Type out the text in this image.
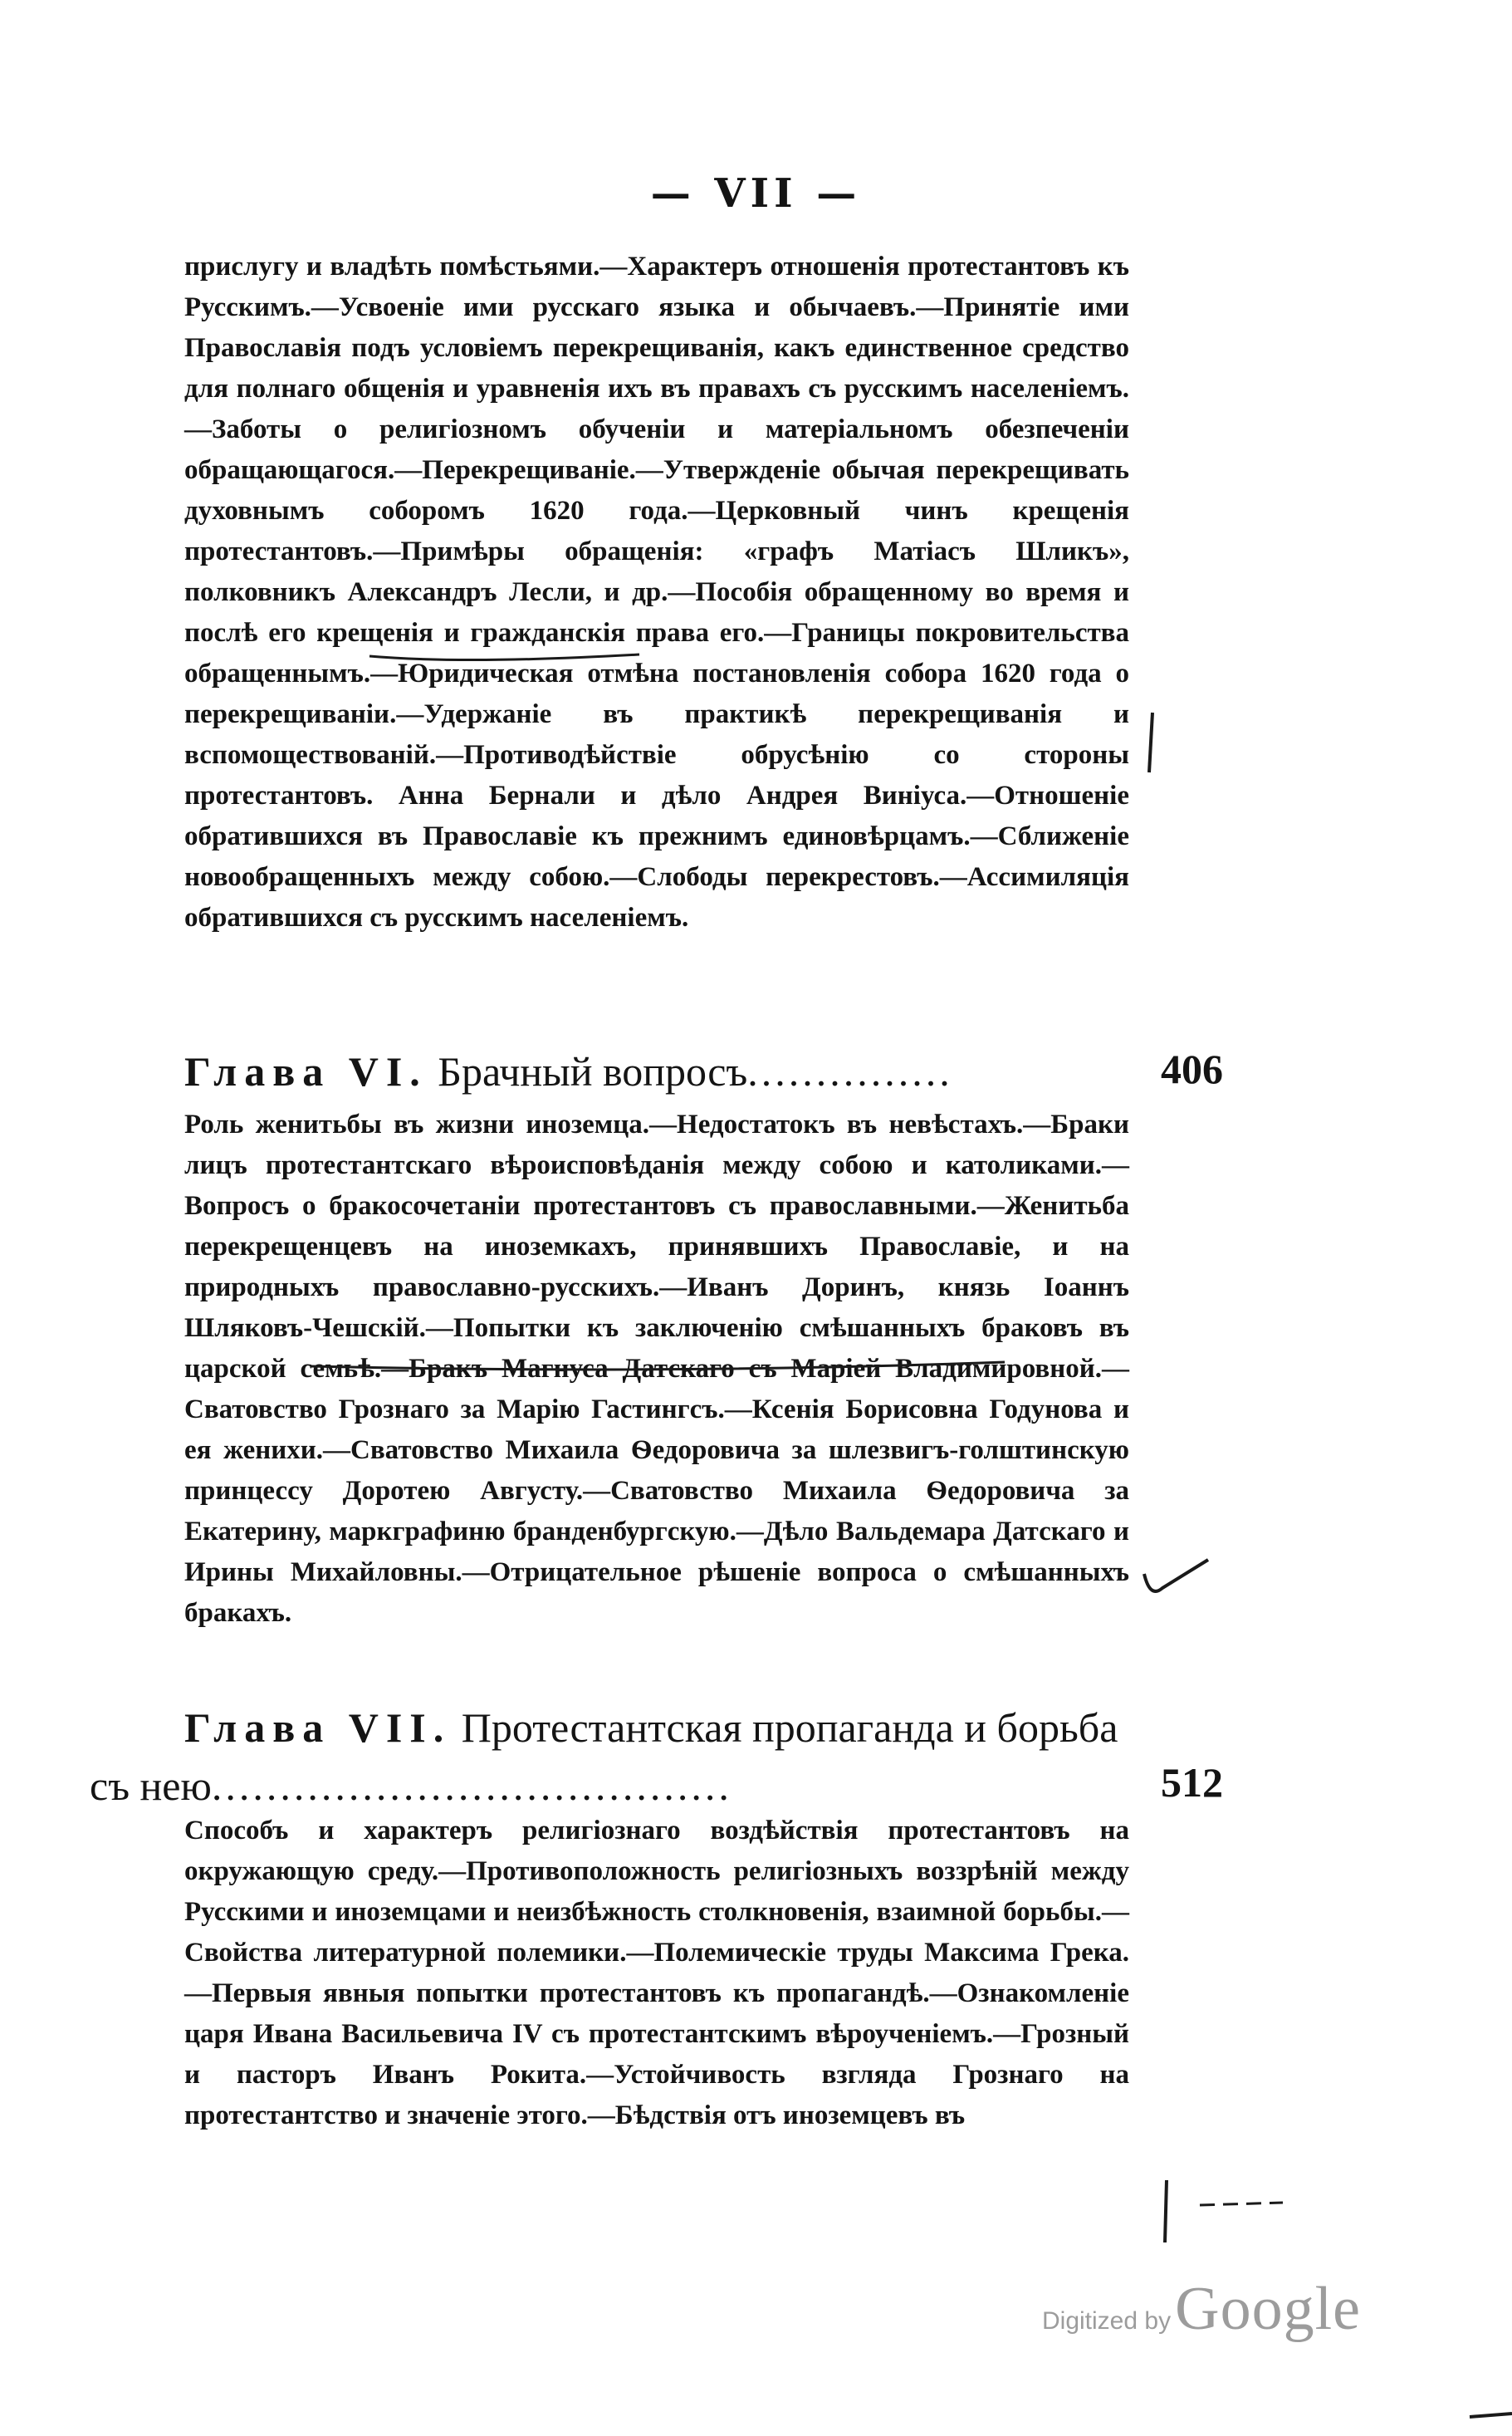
— VII —

прислугу и владѣть помѣстьями.—Характеръ отношенія протестантовъ къ Русскимъ.—Усвоеніе ими русскаго языка и обычаевъ.—Принятіе ими Православія подъ условіемъ перекрещиванія, какъ единственное средство для полнаго общенія и уравненія ихъ въ правахъ съ русскимъ населеніемъ.—Заботы о религіозномъ обученіи и матеріальномъ обезпеченіи обращающагося.—Перекрещиваніе.—Утвержденіе обычая перекрещивать духовнымъ соборомъ 1620 года.—Церковный чинъ крещенія протестантовъ.—Примѣры обращенія: «графъ Матіасъ Шликъ», полковникъ Александръ Лесли, и др.—Пособія обращенному во время и послѣ его крещенія и гражданскія права его.—Границы покровительства обращеннымъ.—Юридическая отмѣна постановленія собора 1620 года о перекрещиваніи.—Удержаніе въ практикѣ перекрещиванія и вспомоществованій.—Противодѣйствіе обрусѣнію со стороны протестантовъ. Анна Бернали и дѣло Андрея Виніуса.—Отношеніе обратившихся въ Православіе къ прежнимъ единовѣрцамъ.—Сближеніе новообращенныхъ между собою.—Слободы перекрестовъ.—Ассимиляція обратившихся съ русскимъ населеніемъ.

Глава VI. Брачный вопросъ...............	406

Роль женитьбы въ жизни иноземца.—Недостатокъ въ невѣстахъ.—Браки лицъ протестантскаго вѣроисповѣданія между собою и католиками.—Вопросъ о бракосочетаніи протестантовъ съ православными.—Женитьба перекрещенцевъ на иноземкахъ, принявшихъ Православіе, и на природныхъ православно-русскихъ.—Иванъ Доринъ, князь Іоаннъ Шляковъ-Чешскій.—Попытки къ заключенію смѣшанныхъ браковъ въ царской семьѣ.—Бракъ Магнуса Датскаго съ Маріей Владимировной.—Сватовство Грознаго за Марію Гастингсъ.—Ксенія Борисовна Годунова и ея женихи.—Сватовство Михаила Ѳедоровича за шлезвигъ-голштинскую принцессу Доротею Августу.—Сватовство Михаила Ѳедоровича за Екатерину, маркграфиню бранденбургскую.—Дѣло Вальдемара Датскаго и Ирины Михайловны.—Отрицательное рѣшеніе вопроса о смѣшанныхъ бракахъ.

Глава VII. Протестантская пропаганда и борьба
съ нею......................................	512

Способъ и характеръ религіознаго воздѣйствія протестантовъ на окружающую среду.—Противоположность религіозныхъ воззрѣній между Русскими и иноземцами и неизбѣжность столкновенія, взаимной борьбы.—Свойства литературной полемики.—Полемическіе труды Максима Грека.—Первыя явныя попытки протестантовъ къ пропагандѣ.—Ознакомленіе царя Ивана Васильевича IV съ протестантскимъ вѣроученіемъ.—Грозный и пасторъ Иванъ Рокита.—Устойчивость взгляда Грознаго на протестантство и значеніе этого.—Бѣдствія отъ иноземцевъ въ

Digitized by Google
